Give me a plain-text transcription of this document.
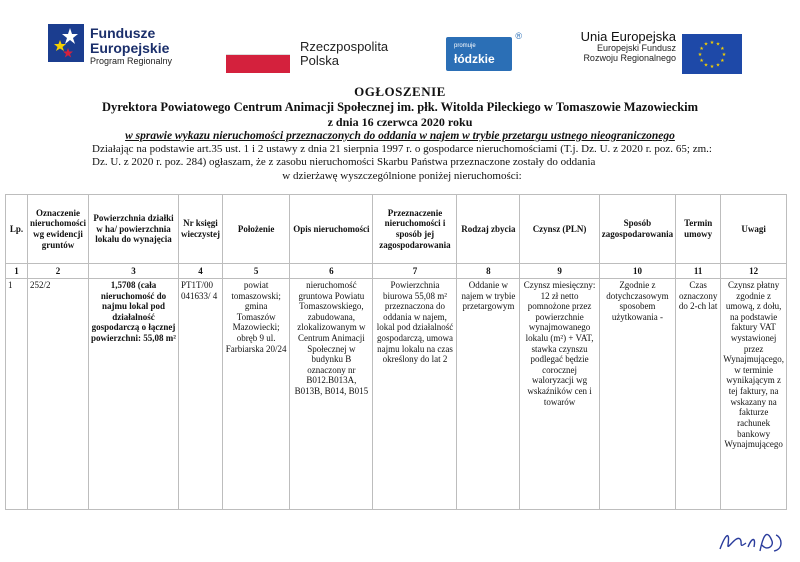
Fundusze
Europejskie
Program Regionalny
Rzeczpospolita
Polska
promuje
łódzkie
®	Unia Europejska
Europejski Fundusz
Rozwoju Regionalnego
★ ★
★
★
★
★
★
★
★
★
★
★
OGŁOSZENIE
Dyrektora Powiatowego Centrum Animacji Społecznej im. płk. Witolda Pileckiego w Tomaszowie Mazowieckim
z dnia 16 czerwca 2020 roku
w sprawie wykazu nieruchomości przeznaczonych do oddania w najem w trybie przetargu ustnego nieograniczonego
Działając na podstawie art.35 ust. 1 i 2 ustawy z dnia 21 sierpnia 1997 r. o gospodarce nieruchomościami (T.j. Dz. U. z 2020 r. poz. 65; zm.: Dz. U. z 2020 r. poz. 284) ogłaszam, że z zasobu nieruchomości Skarbu Państwa przeznaczone zostały do oddania
w dzierżawę wyszczególnione poniżej nieruchomości:
Lp.	Oznaczenie nieruchomości wg ewidencji gruntów	Powierzchnia działki w ha/ powierzchnia lokalu do wynajęcia	Nr księgi wieczystej	Położenie	Opis nieruchomości	Przeznaczenie nieruchomości i sposób jej zagospodarowania	Rodzaj zbycia	Czynsz (PLN)	Sposób zagospodarowania	Termin umowy	Uwagi
1	2	3	4	5	6	7	8	9	10	11	12
1	252/2	1,5708 (cała nieruchomość do najmu lokal pod działalność gospodarczą o łącznej powierzchni: 55,08 m²	PT1T/00 041633/ 4	powiat tomaszowski; gmina Tomaszów Mazowiecki; obręb 9 ul. Farbiarska 20/24	nieruchomość gruntowa Powiatu Tomaszowskiego, zabudowana, zlokalizowanym w Centrum Animacji Społecznej w budynku B oznaczony nr B012.B013A, B013B, B014, B015	Powierzchnia biurowa 55,08 m² przeznaczona do oddania w najem, lokal pod działalność gospodarczą, umowa najmu lokalu na czas określony do lat 2	Oddanie w najem w trybie przetargowym	Czynsz miesięczny: 12 zł netto pomnożone przez powierzchnie wynajmowanego lokalu (m²) + VAT, stawka czynszu podlegać będzie corocznej waloryzacji wg wskaźników cen i towarów	Zgodnie z dotychczasowym sposobem użytkowania -	Czas oznaczony do 2-ch lat	Czynsz płatny zgodnie z umową, z dołu, na podstawie faktury VAT wystawionej przez Wynajmującego, w terminie wynikającym z tej faktury, na wskazany na fakturze rachunek bankowy Wynajmującego
